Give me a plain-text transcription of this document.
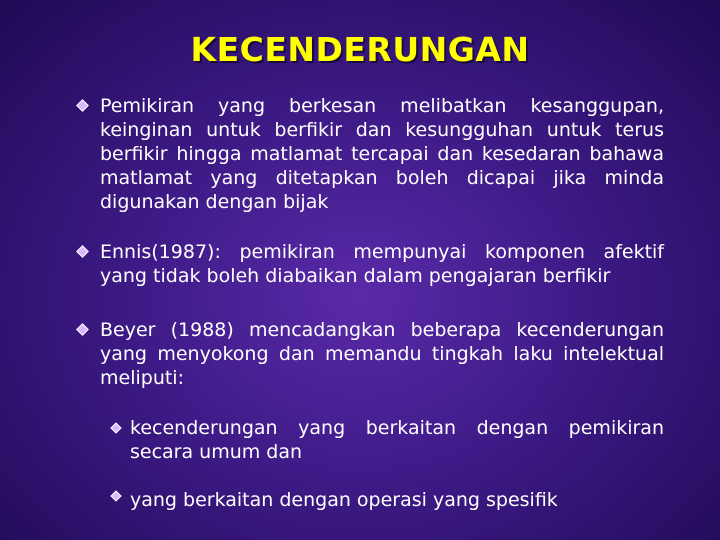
KECENDERUNGAN
Pemikiran yang berkesan melibatkan kesanggupan, keinginan untuk berfikir dan kesungguhan untuk terus berfikir hingga matlamat tercapai dan kesedaran bahawa matlamat yang ditetapkan boleh dicapai jika minda digunakan dengan bijak
Ennis(1987): pemikiran mempunyai komponen afektif yang tidak boleh diabaikan dalam pengajaran berfikir
Beyer (1988) mencadangkan beberapa kecenderungan yang menyokong dan memandu tingkah laku intelektual meliputi:
kecenderungan yang berkaitan dengan pemikiran secara umum dan
yang berkaitan dengan operasi yang spesifik
